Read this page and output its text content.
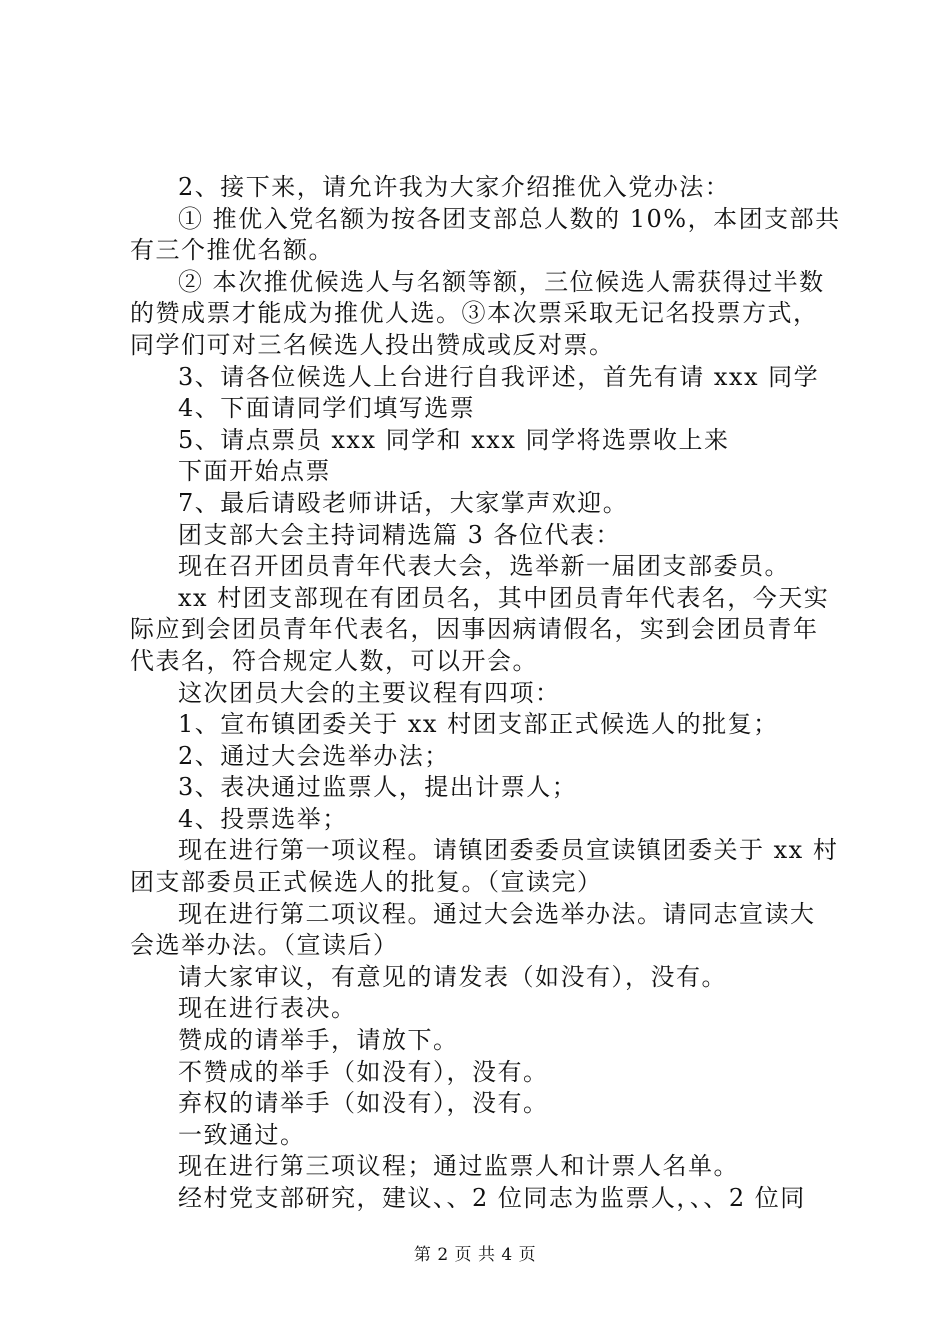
2、接下来，请允许我为大家介绍推优入党办法：
① 推优入党名额为按各团支部总人数的 10%，本团支部共
有三个推优名额。
② 本次推优候选人与名额等额，三位候选人需获得过半数
的赞成票才能成为推优人选。③本次票采取无记名投票方式，
同学们可对三名候选人投出赞成或反对票。
3、请各位候选人上台进行自我评述，首先有请 xxx 同学
4、下面请同学们填写选票
5、请点票员 xxx 同学和 xxx 同学将选票收上来
下面开始点票
7、最后请殴老师讲话，大家掌声欢迎。
团支部大会主持词精选篇 3 各位代表：
现在召开团员青年代表大会，选举新一届团支部委员。
xx 村团支部现在有团员名，其中团员青年代表名，今天实
际应到会团员青年代表名，因事因病请假名，实到会团员青年
代表名，符合规定人数，可以开会。
这次团员大会的主要议程有四项：
1、宣布镇团委关于 xx 村团支部正式候选人的批复；
2、通过大会选举办法；
3、表决通过监票人，提出计票人；
4、投票选举；
现在进行第一项议程。请镇团委委员宣读镇团委关于 xx 村
团支部委员正式候选人的批复。（宣读完）
现在进行第二项议程。通过大会选举办法。请同志宣读大
会选举办法。（宣读后）
请大家审议，有意见的请发表（如没有），没有。
现在进行表决。
赞成的请举手，请放下。
不赞成的举手（如没有），没有。
弃权的请举手（如没有），没有。
一致通过。
现在进行第三项议程；通过监票人和计票人名单。
经村党支部研究，建议、、2 位同志为监票人，、、2 位同
第 2 页 共 4 页
